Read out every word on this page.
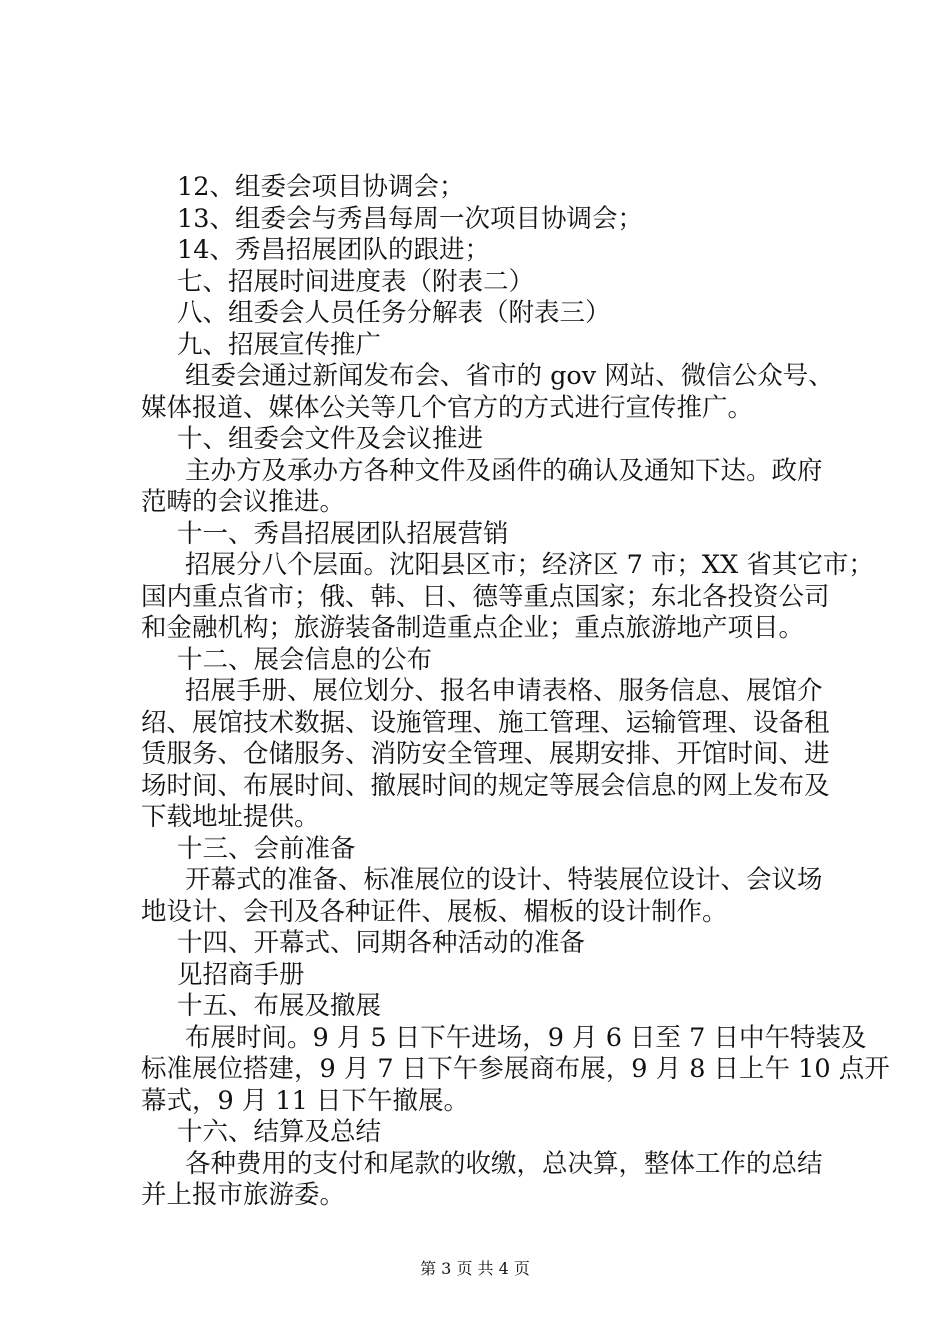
12、组委会项目协调会；
13、组委会与秀昌每周一次项目协调会；
14、秀昌招展团队的跟进；
七、招展时间进度表（附表二）
八、组委会人员任务分解表（附表三）
九、招展宣传推广
组委会通过新闻发布会、省市的 gov 网站、微信公众号、
媒体报道、媒体公关等几个官方的方式进行宣传推广。
十、组委会文件及会议推进
主办方及承办方各种文件及函件的确认及通知下达。政府
范畴的会议推进。
十一、秀昌招展团队招展营销
招展分八个层面。沈阳县区市；经济区 7 市；XX 省其它市；
国内重点省市；俄、韩、日、德等重点国家；东北各投资公司
和金融机构；旅游装备制造重点企业；重点旅游地产项目。
十二、展会信息的公布
招展手册、展位划分、报名申请表格、服务信息、展馆介
绍、展馆技术数据、设施管理、施工管理、运输管理、设备租
赁服务、仓储服务、消防安全管理、展期安排、开馆时间、进
场时间、布展时间、撤展时间的规定等展会信息的网上发布及
下载地址提供。
十三、会前准备
开幕式的准备、标准展位的设计、特装展位设计、会议场
地设计、会刊及各种证件、展板、楣板的设计制作。
十四、开幕式、同期各种活动的准备
见招商手册
十五、布展及撤展
布展时间。9 月 5 日下午进场，9 月 6 日至 7 日中午特装及
标准展位搭建，9 月 7 日下午参展商布展，9 月 8 日上午 10 点开
幕式，9 月 11 日下午撤展。
十六、结算及总结
各种费用的支付和尾款的收缴，总决算，整体工作的总结
并上报市旅游委。
第 3 页 共 4 页
